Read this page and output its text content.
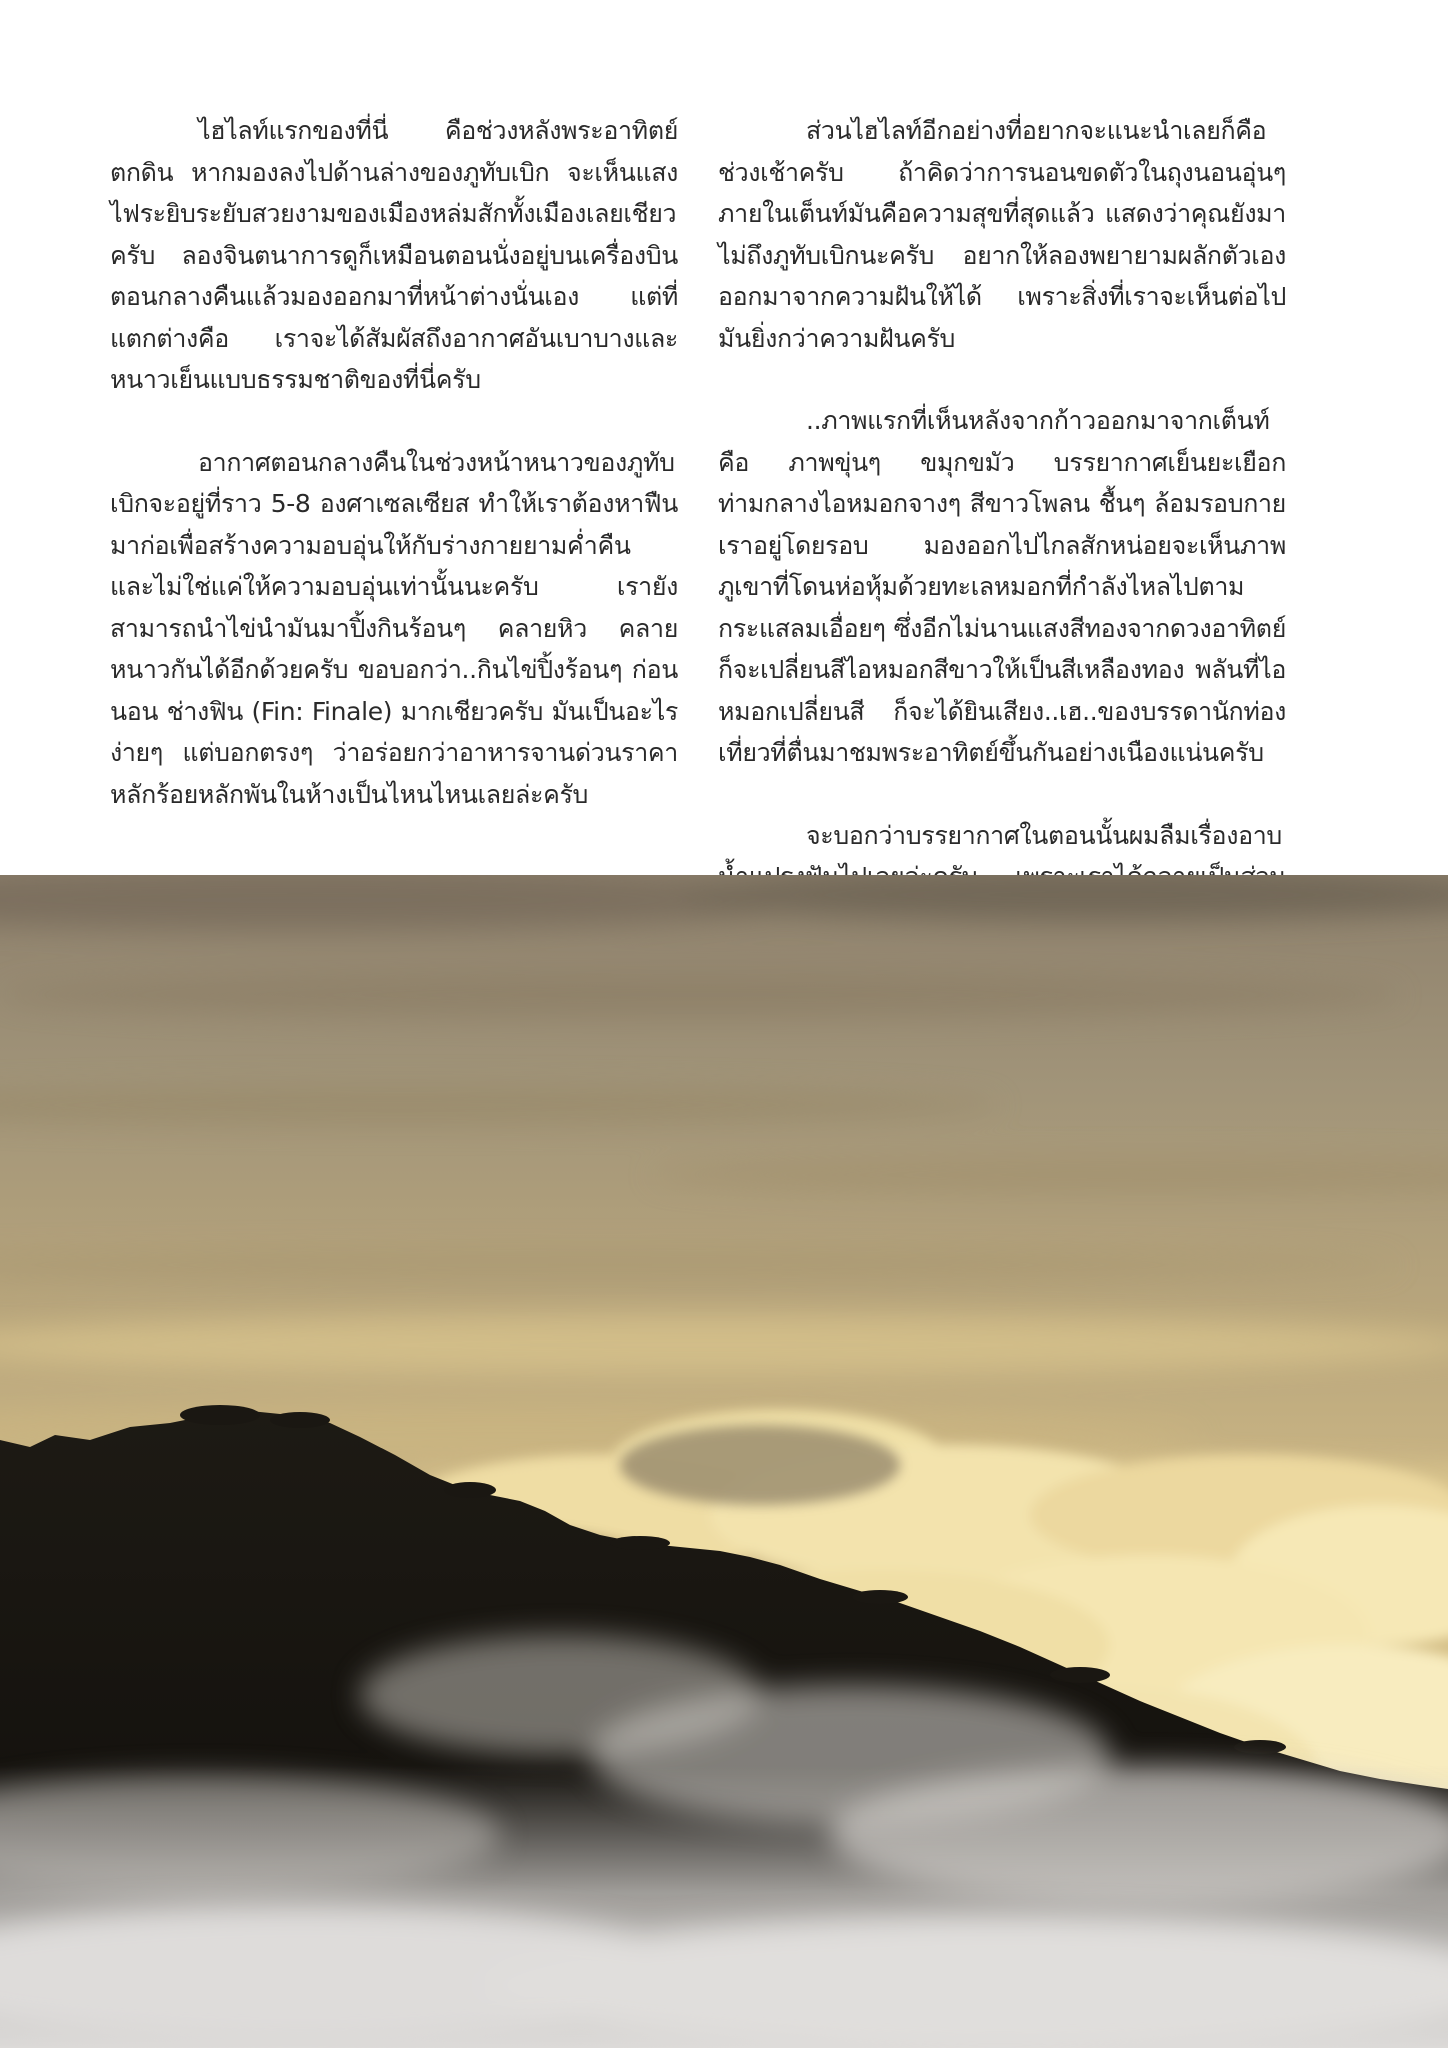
ไฮไลท์แรกของที่นี่ คือช่วงหลังพระอาทิตย์ตกดิน หากมองลงไปด้านล่างของภูทับเบิก จะเห็นแสงไฟระยิบระยับสวยงามของเมืองหล่มสักทั้งเมืองเลยเชียวครับ ลองจินตนาการดูก็เหมือนตอนนั่งอยู่บนเครื่องบินตอนกลางคืนแล้วมองออกมาที่หน้าต่างนั่นเอง แต่ที่แตกต่างคือ เราจะได้สัมผัสถึงอากาศอันเบาบางและหนาวเย็นแบบธรรมชาติของที่นี่ครับ

อากาศตอนกลางคืนในช่วงหน้าหนาวของภูทับเบิกจะอยู่ที่ราว 5-8 องศาเซลเซียส ทำให้เราต้องหาฟืนมาก่อเพื่อสร้างความอบอุ่นให้กับร่างกายยามค่ำคืน และไม่ใช่แค่ให้ความอบอุ่นเท่านั้นนะครับ เรายังสามารถนำไข่นำมันมาปิ้งกินร้อนๆ คลายหิว คลายหนาวกันได้อีกด้วยครับ ขอบอกว่า..กินไข่ปิ้งร้อนๆ ก่อนนอน ช่างฟิน (Fin: Finale) มากเชียวครับ มันเป็นอะไรง่ายๆ แต่บอกตรงๆ ว่าอร่อยกว่าอาหารจานด่วนราคาหลักร้อยหลักพันในห้างเป็นไหนไหนเลยล่ะครับ

ส่วนไฮไลท์อีกอย่างที่อยากจะแนะนำเลยก็คือ ช่วงเช้าครับ ถ้าคิดว่าการนอนขดตัวในถุงนอนอุ่นๆ ภายในเต็นท์มันคือความสุขที่สุดแล้ว แสดงว่าคุณยังมาไม่ถึงภูทับเบิกนะครับ อยากให้ลองพยายามผลักตัวเองออกมาจากความฝันให้ได้ เพราะสิ่งที่เราจะเห็นต่อไปมันยิ่งกว่าความฝันครับ

..ภาพแรกที่เห็นหลังจากก้าวออกมาจากเต็นท์คือ ภาพขุ่นๆ ขมุกขมัว บรรยากาศเย็นยะเยือก ท่ามกลางไอหมอกจางๆ สีขาวโพลน ชื้นๆ ล้อมรอบกายเราอยู่โดยรอบ มองออกไปไกลสักหน่อยจะเห็นภาพภูเขาที่โดนห่อหุ้มด้วยทะเลหมอกที่กำลังไหลไปตามกระแสลมเอื่อยๆ ซึ่งอีกไม่นานแสงสีทองจากดวงอาทิตย์ก็จะเปลี่ยนสีไอหมอกสีขาวให้เป็นสีเหลืองทอง พลันที่ไอหมอกเปลี่ยนสี ก็จะได้ยินเสียง..เฮ..ของบรรดานักท่องเที่ยวที่ตื่นมาชมพระอาทิตย์ขึ้นกันอย่างเนืองแน่นครับ

จะบอกว่าบรรยากาศในตอนนั้นผมลืมเรื่องอาบ
